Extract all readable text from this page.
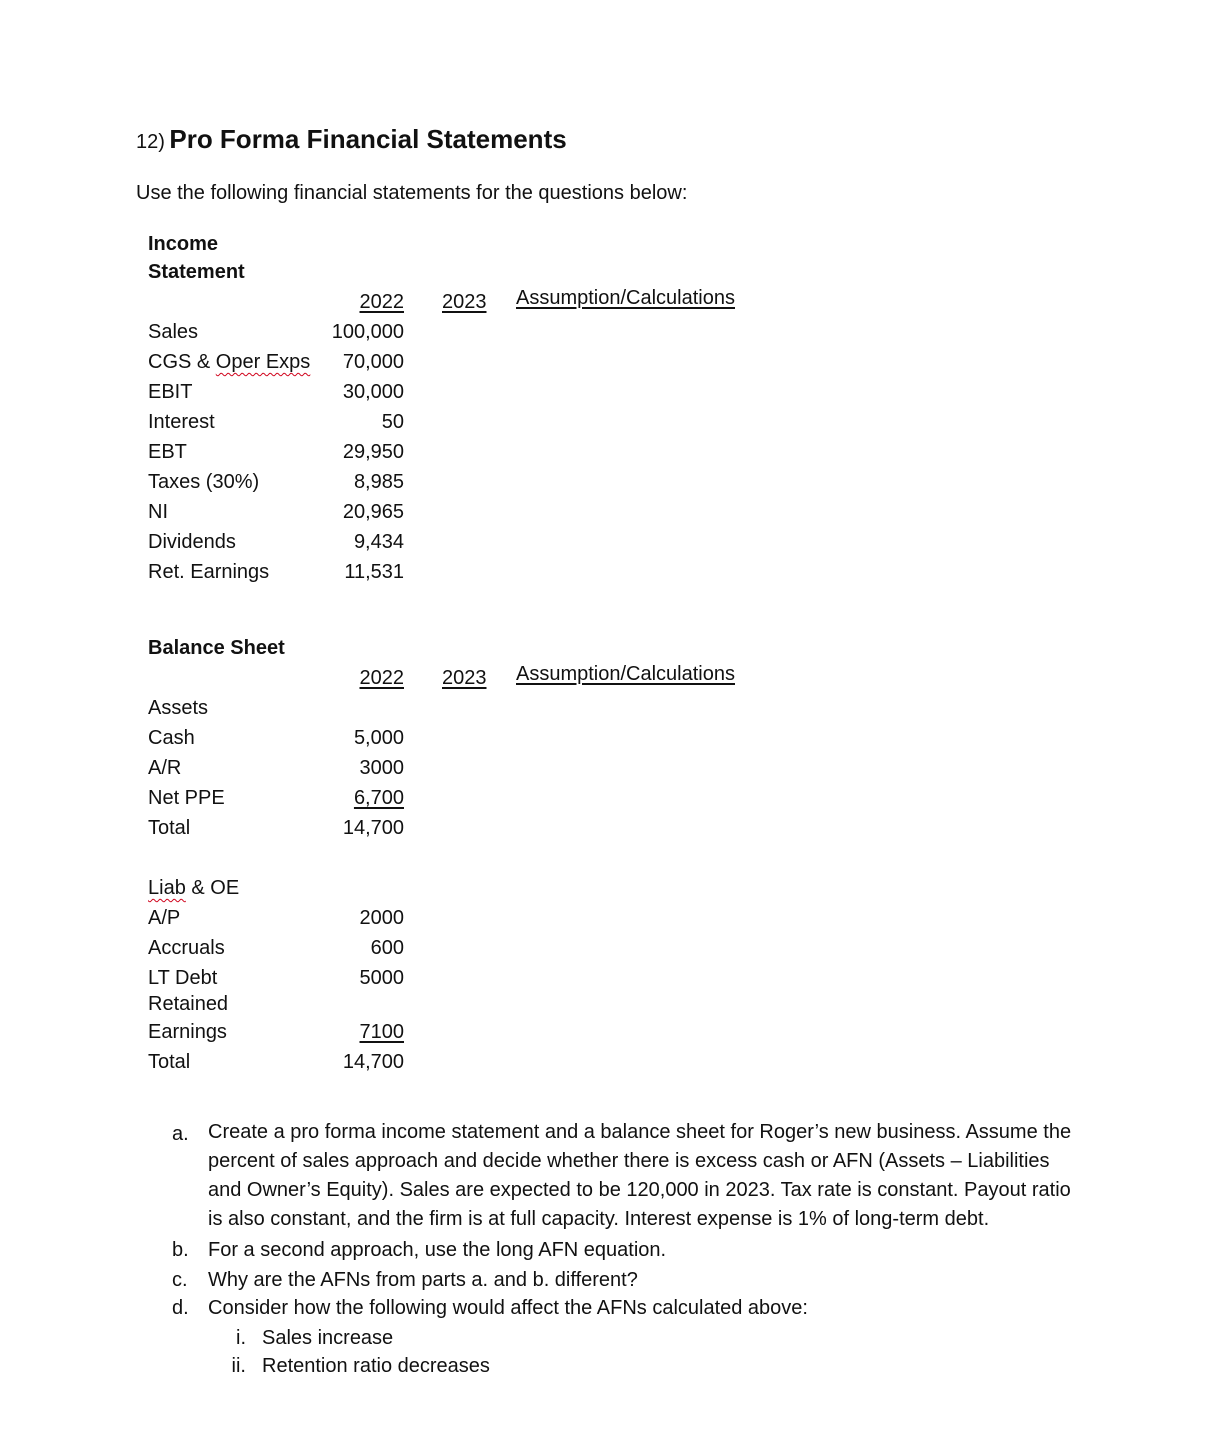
12) Pro Forma Financial Statements
Use the following financial statements for the questions below:
Income
Statement
2022 2023 Assumption/Calculations
Sales	100,000
CGS & Oper Exps	70,000
EBIT	30,000
Interest	50
EBT	29,950
Taxes (30%)	8,985
NI	20,965
Dividends	9,434
Ret. Earnings	11,531
Balance Sheet
2022 2023 Assumption/Calculations
Assets
Cash	5,000
A/R	3000
Net PPE	6,700
Total	14,700
Liab & OE
A/P	2000
Accruals	600
LT Debt	5000
Retained
Earnings	7100
Total	14,700
a. Create a pro forma income statement and a balance sheet for Roger’s new business. Assume the percent of sales approach and decide whether there is excess cash or AFN (Assets – Liabilities and Owner’s Equity). Sales are expected to be 120,000 in 2023. Tax rate is constant. Payout ratio is also constant, and the firm is at full capacity. Interest expense is 1% of long-term debt.
b. For a second approach, use the long AFN equation.
c. Why are the AFNs from parts a. and b. different?
d. Consider how the following would affect the AFNs calculated above:
i. Sales increase
ii. Retention ratio decreases
